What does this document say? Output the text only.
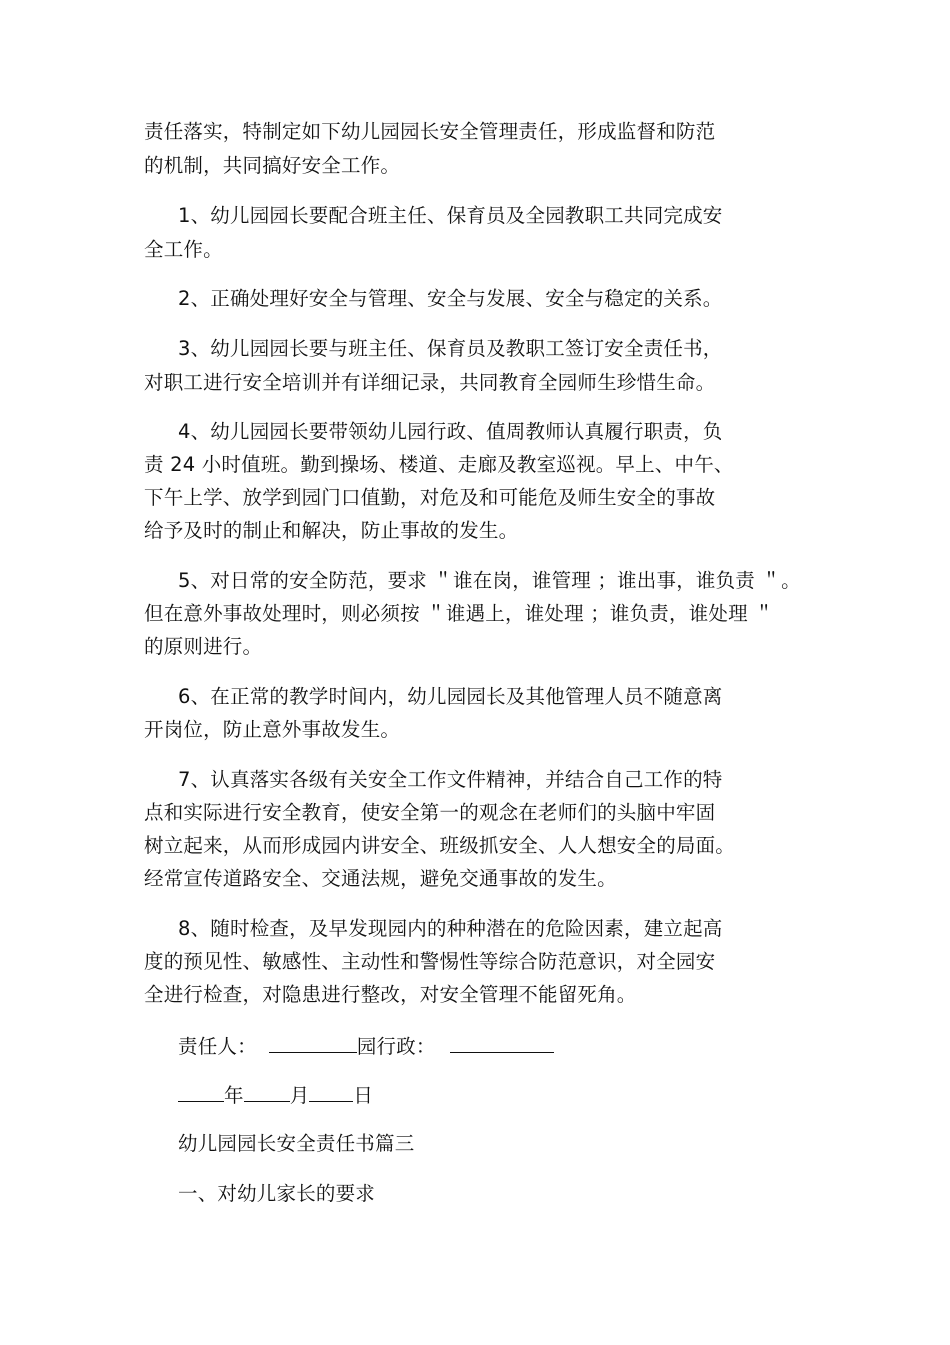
责任落实，特制定如下幼儿园园长安全管理责任，形成监督和防范
的机制，共同搞好安全工作。
1、幼儿园园长要配合班主任、保育员及全园教职工共同完成安
全工作。
2、正确处理好安全与管理、安全与发展、安全与稳定的关系。
3、幼儿园园长要与班主任、保育员及教职工签订安全责任书，
对职工进行安全培训并有详细记录，共同教育全园师生珍惜生命。
4、幼儿园园长要带领幼儿园行政、值周教师认真履行职责，负
责 24 小时值班。勤到操场、楼道、走廊及教室巡视。早上、中午、
下午上学、放学到园门口值勤，对危及和可能危及师生安全的事故
给予及时的制止和解决，防止事故的发生。
5、对日常的安全防范，要求 ＂谁在岗，谁管理 ；谁出事，谁负责 ＂。
但在意外事故处理时，则必须按 ＂谁遇上，谁处理 ；谁负责，谁处理 ＂
的原则进行。
6、在正常的教学时间内，幼儿园园长及其他管理人员不随意离
开岗位，防止意外事故发生。
7、认真落实各级有关安全工作文件精神，并结合自己工作的特
点和实际进行安全教育，使安全第一的观念在老师们的头脑中牢固
树立起来，从而形成园内讲安全、班级抓安全、人人想安全的局面。
经常宣传道路安全、交通法规，避免交通事故的发生。
8、随时检查，及早发现园内的种种潜在的危险因素，建立起高
度的预见性、敏感性、主动性和警惕性等综合防范意识，对全园安
全进行检查，对隐患进行整改，对安全管理不能留死角。
责任人：	园行政：
年 月 日
幼儿园园长安全责任书篇三
一、对幼儿家长的要求
